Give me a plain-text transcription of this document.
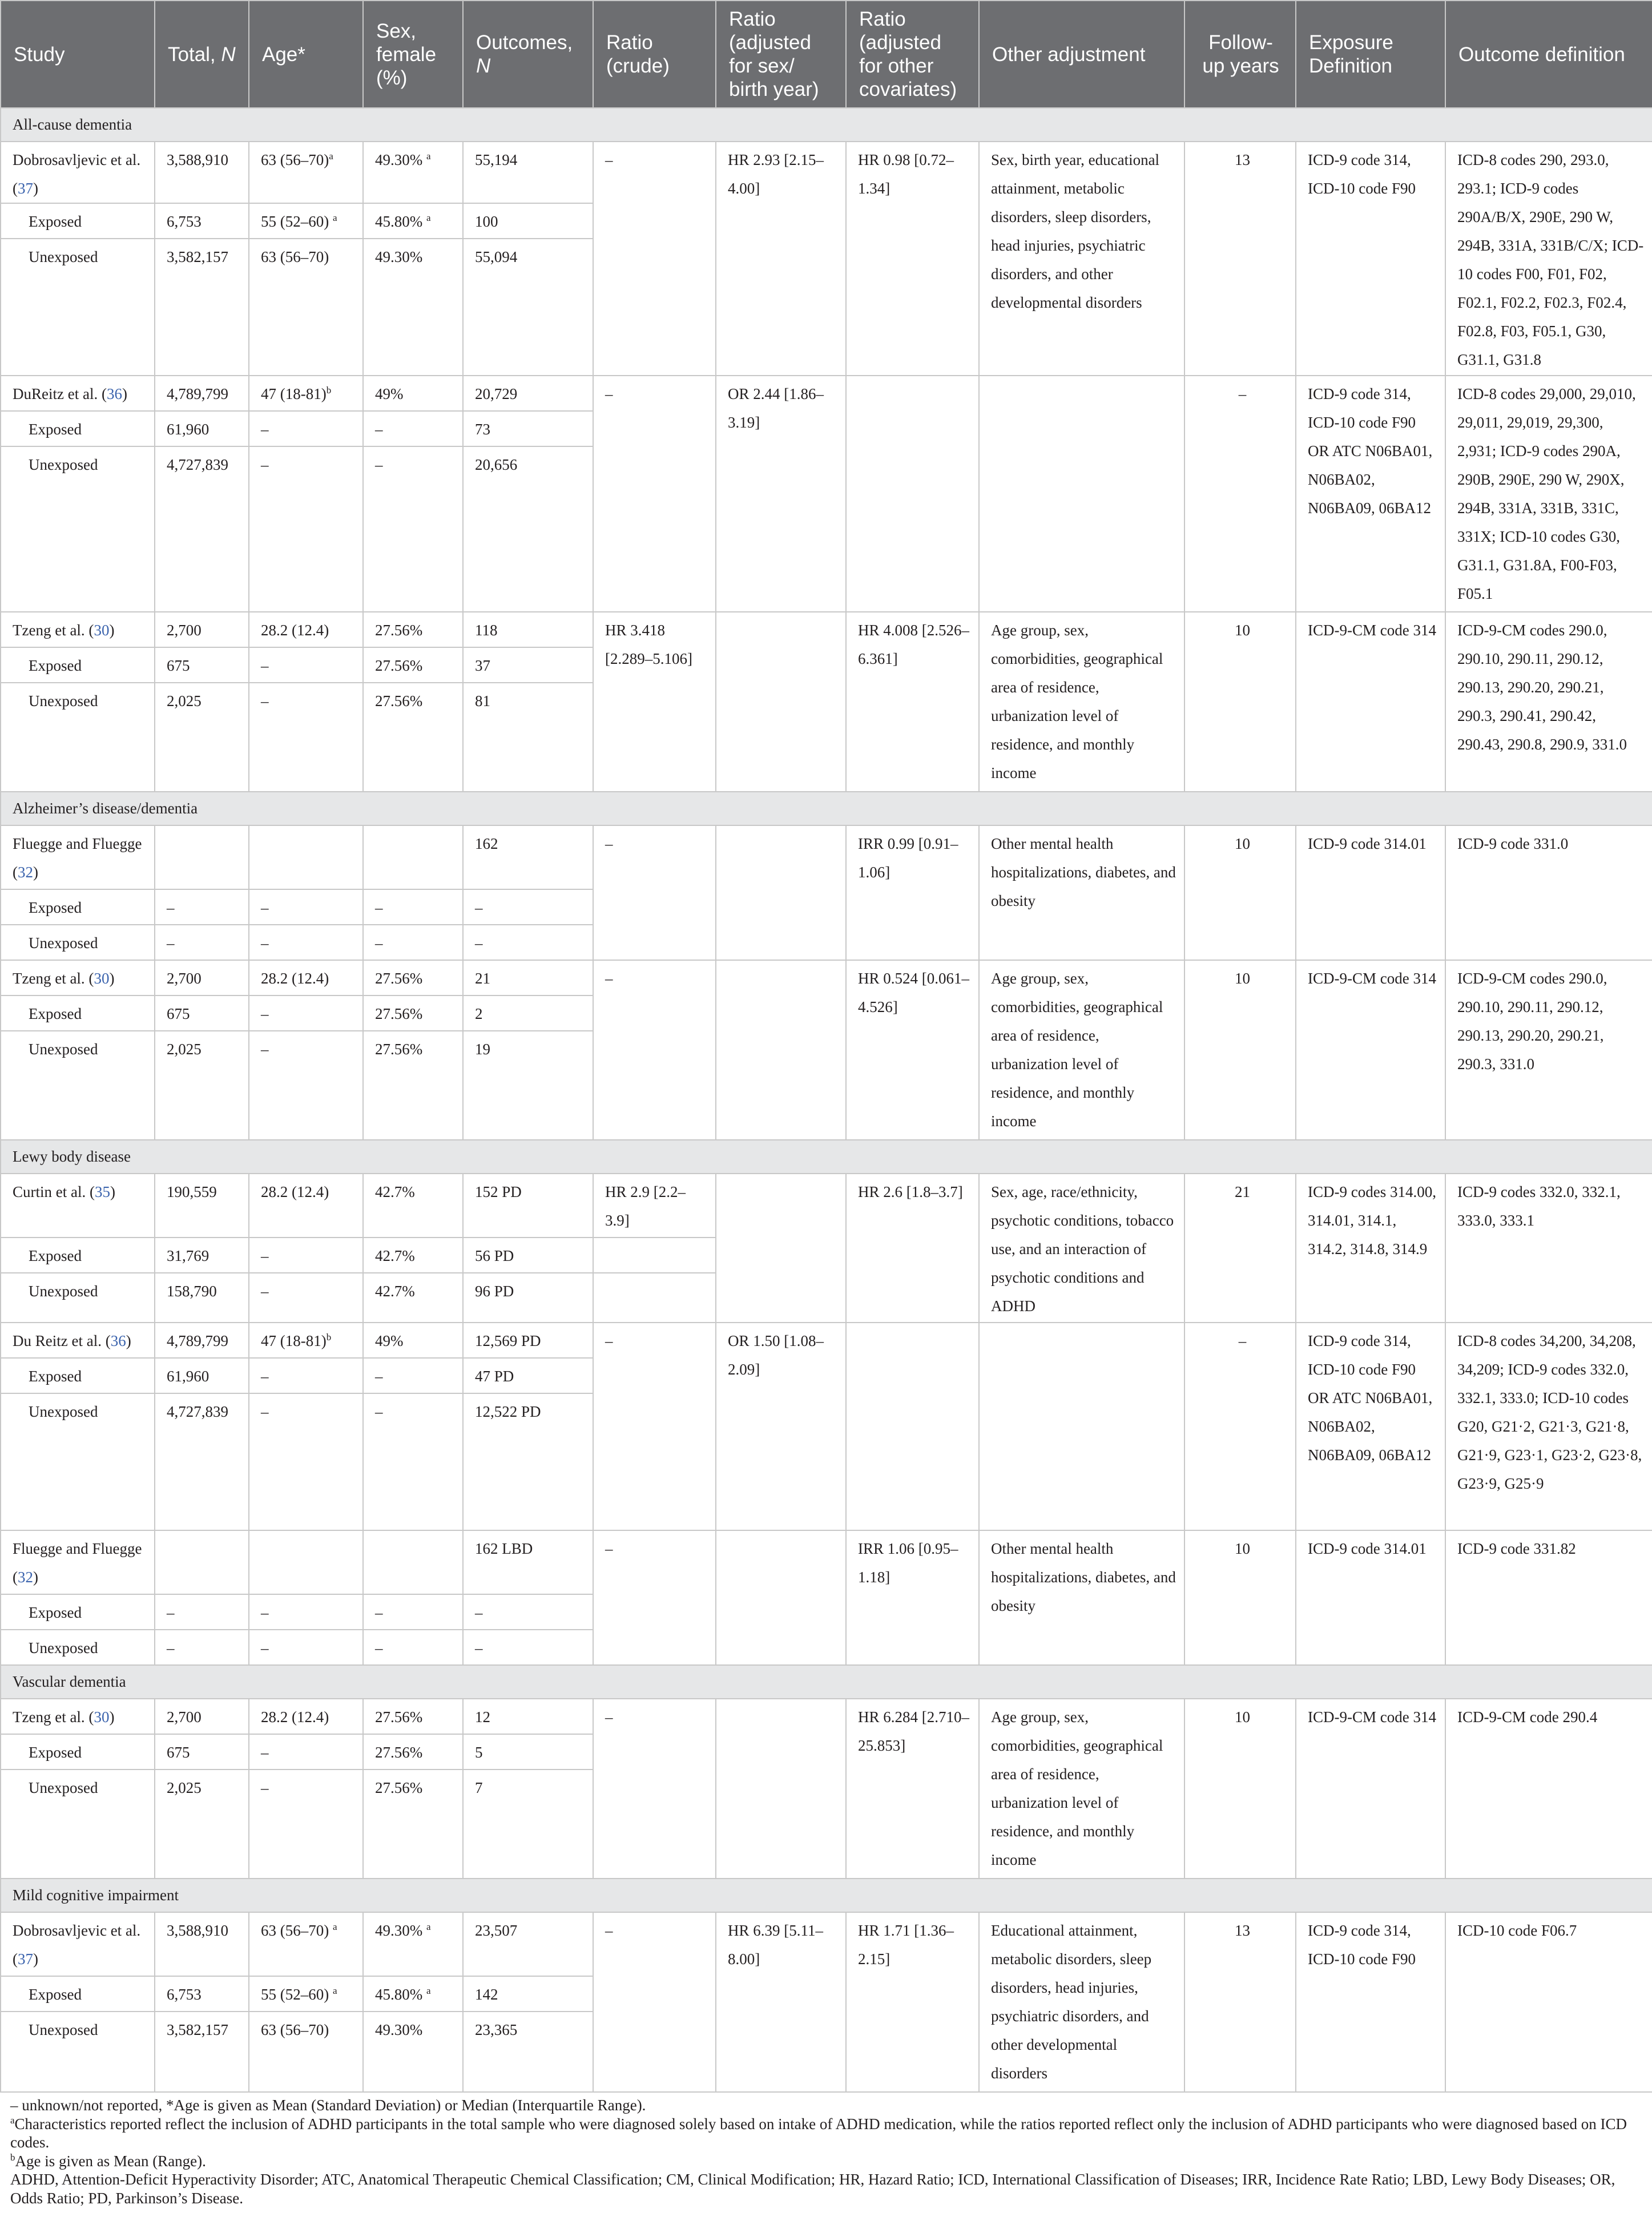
Study	Total, N	Age*	Sex, female (%)	Outcomes, N	Ratio (crude)	Ratio (adjusted for sex/ birth year)	Ratio (adjusted for other covariates)	Other adjustment	Follow-up years	Exposure Definition	Outcome definition
All-cause dementia											
Dobrosavljevic et al. (37)	3,588,910	63 $(56-70)^a$	49.30% $^a$	55,194	–	HR 2.93 [2.15–4.00]	HR 0.98 [0.72–1.34]	Sex, birth year, educational attainment, metabolic disorders, sleep disorders, head injuries, psychiatric disorders, and other developmental disorders	13	ICD-9 code 314, ICD-10 code F90	ICD-8 codes 290, 293.0, 293.1; ICD-9 codes 290A/B/X, 290E, 290 W, 294B, 331A, 331B/C/X; ICD-10 codes F00, F01, F02, F02.1, F02.2, F02.3, F02.4, F02.8, F03, F05.1, G30, G31.1, G31.8
Exposed	6,753	55 (52–60) $^a$	45.80% $^a$	100							
Unexposed	3,582,157	63 (56–70)	49.30%	55,094							
DuReitz et al. (36)	4,789,799	47 $(18-81)^b$	49%	20,729	–	OR 2.44 [1.86–3.19]			–	ICD-9 code 314, ICD-10 code F90 OR ATC N06BA01, N06BA02, N06BA09, 06BA12	ICD-8 codes 29,000, 29,010, 29,011, 29,019, 29,300, 2,931; ICD-9 codes 290A, 290B, 290E, 290 W, 290X, 294B, 331A, 331B, 331C, 331X; ICD-10 codes G30, G31.1, G31.8A, F00-F03, F05.1
Exposed	61,960	–	–	73							
Unexposed	4,727,839	–	–	20,656							
Tzeng et al. (30)	2,700	28.2 (12.4)	27.56%	118	HR 3.418 [2.289–5.106]		HR 4.008 [2.526–6.361]	Age group, sex, comorbidities, geographical area of residence, urbanization level of residence, and monthly income	10	ICD-9-CM code 314	ICD-9-CM codes 290.0, 290.10, 290.11, 290.12, 290.13, 290.20, 290.21, 290.3, 290.41, 290.42, 290.43, 290.8, 290.9, 331.0
Exposed	675	–	27.56%	37							
Unexposed	2,025	–	27.56%	81							
Alzheimer’s disease/dementia											
Fluegge and Fluegge (32)				162	–		IRR 0.99 [0.91–1.06]	Other mental health hospitalizations, diabetes, and obesity	10	ICD-9 code 314.01	ICD-9 code 331.0
Exposed	–	–	–	–							
Unexposed	–	–	–	–							
Tzeng et al. (30)	2,700	28.2 (12.4)	27.56%	21	–		HR 0.524 [0.061–4.526]	Age group, sex, comorbidities, geographical area of residence, urbanization level of residence, and monthly income	10	ICD-9-CM code 314	ICD-9-CM codes 290.0, 290.10, 290.11, 290.12, 290.13, 290.20, 290.21, 290.3, 331.0
Exposed	675	–	27.56%	2							
Unexposed	2,025	–	27.56%	19							
Lewy body disease											
Curtin et al. (35)	190,559	28.2 (12.4)	42.7%	152 PD	HR 2.9 [2.2–3.9]		HR 2.6 [1.8–3.7]	Sex, age, race/ethnicity, psychotic conditions, tobacco use, and an interaction of psychotic conditions and ADHD	21	ICD-9 codes 314.00, 314.01, 314.1, 314.2, 314.8, 314.9	ICD-9 codes 332.0, 332.1, 333.0, 333.1
Exposed	31,769	–	42.7%	56 PD							
Unexposed	158,790	–	42.7%	96 PD							
Du Reitz et al. (36)	4,789,799	47 $(18-81)^b$	49%	12,569 PD	–	OR 1.50 [1.08–2.09]			–	ICD-9 code 314, ICD-10 code F90 OR ATC N06BA01, N06BA02, N06BA09, 06BA12	ICD-8 codes 34,200, 34,208, 34,209; ICD-9 codes 332.0, 332.1, 333.0; ICD-10 codes G20, G21·2, G21·3, G21·8, G21·9, G23·1, G23·2, G23·8, G23·9, G25·9
Exposed	61,960	–	–	47 PD							
Unexposed	4,727,839	–	–	12,522 PD							
Fluegge and Fluegge (32)				162 LBD	–		IRR 1.06 [0.95–1.18]	Other mental health hospitalizations, diabetes, and obesity	10	ICD-9 code 314.01	ICD-9 code 331.82
Exposed	–	–	–	–							
Unexposed	–	–	–	–							
Vascular dementia											
Tzeng et al. (30)	2,700	28.2 (12.4)	27.56%	12	–		HR 6.284 [2.710–25.853]	Age group, sex, comorbidities, geographical area of residence, urbanization level of residence, and monthly income	10	ICD-9-CM code 314	ICD-9-CM code 290.4
Exposed	675	–	27.56%	5							
Unexposed	2,025	–	27.56%	7							
Mild cognitive impairment											
Dobrosavljevic et al. (37)	3,588,910	63 (56–70) $^a$	49.30% $^a$	23,507	–	HR 6.39 [5.11–8.00]	HR 1.71 [1.36–2.15]	Educational attainment, metabolic disorders, sleep disorders, head injuries, psychiatric disorders, and other developmental disorders	13	ICD-9 code 314, ICD-10 code F90	ICD-10 code F06.7
Exposed	6,753	55 (52–60) $^a$	45.80% $^a$	142							
Unexposed	3,582,157	63 (56–70)	49.30%	23,365							

– unknown/not reported, *Age is given as Mean (Standard Deviation) or Median (Interquartile Range).

$^a$Characteristics reported reflect the inclusion of ADHD participants in the total sample who were diagnosed solely based on intake of ADHD medication, while the ratios reported reflect only the inclusion of ADHD participants who were diagnosed based on ICD codes.

$^b$Age is given as Mean (Range).

ADHD, Attention-Deficit Hyperactivity Disorder; ATC, Anatomical Therapeutic Chemical Classification; CM, Clinical Modification; HR, Hazard Ratio; ICD, International Classification of Diseases; IRR, Incidence Rate Ratio; LBD, Lewy Body Diseases; OR, Odds Ratio; PD, Parkinson’s Disease.
